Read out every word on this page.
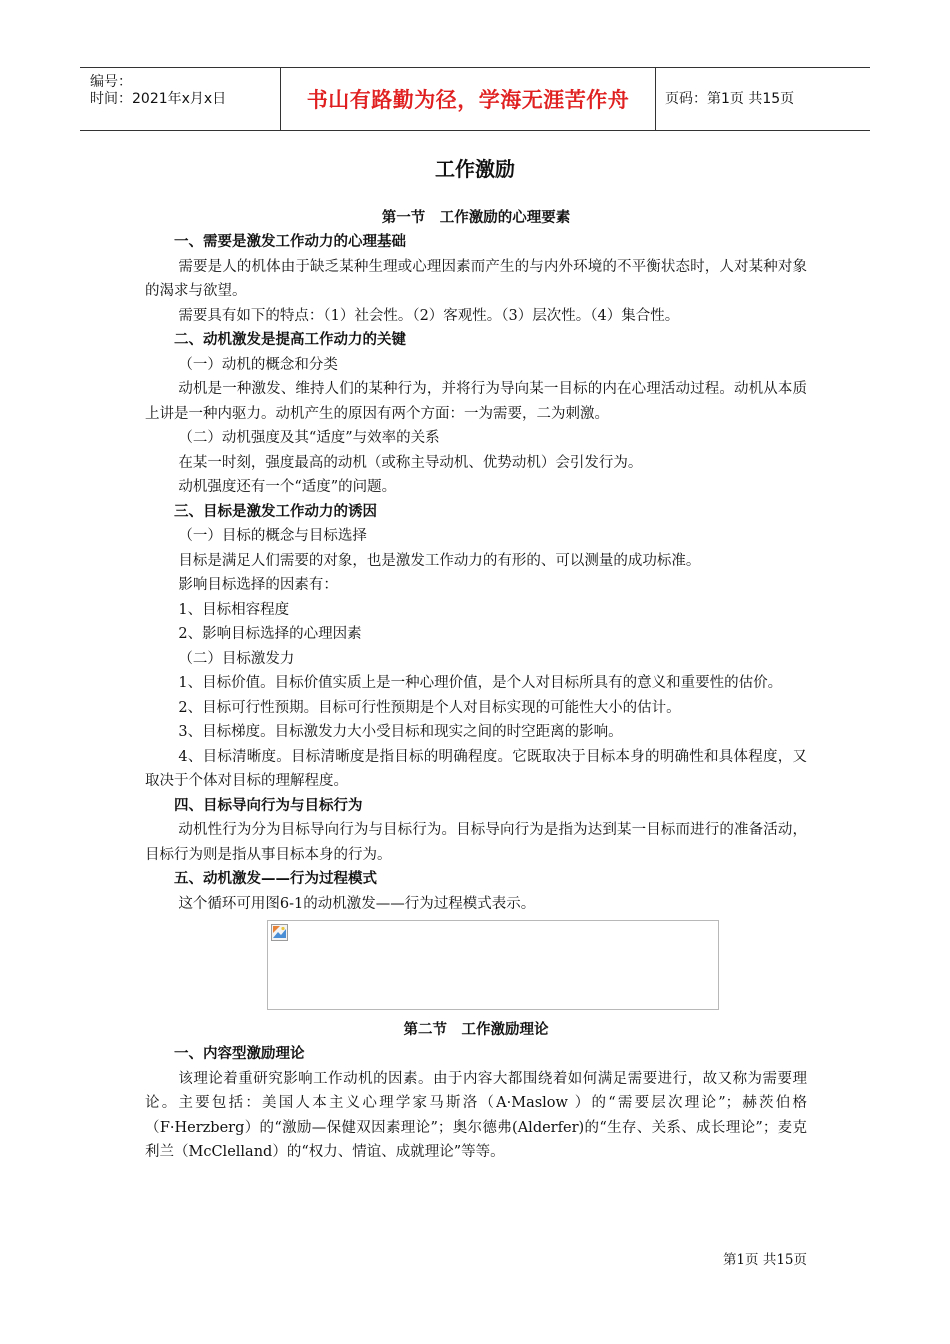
编号：
时间：2021年x月x日	书山有路勤为径，学海无涯苦作舟	页码：第1页 共15页
工作激励
第一节　工作激励的心理要素
一、需要是激发工作动力的心理基础
需要是人的机体由于缺乏某种生理或心理因素而产生的与内外环境的不平衡状态时，人对某种对象的渴求与欲望。
需要具有如下的特点：（1）社会性。（2）客观性。（3）层次性。（4）集合性。
二、动机激发是提高工作动力的关键
（一）动机的概念和分类
动机是一种激发、维持人们的某种行为，并将行为导向某一目标的内在心理活动过程。动机从本质上讲是一种内驱力。动机产生的原因有两个方面：一为需要，二为刺激。
（二）动机强度及其“适度”与效率的关系
在某一时刻，强度最高的动机（或称主导动机、优势动机）会引发行为。
动机强度还有一个“适度”的问题。
三、目标是激发工作动力的诱因
（一）目标的概念与目标选择
目标是满足人们需要的对象，也是激发工作动力的有形的、可以测量的成功标准。
影响目标选择的因素有：
1、目标相容程度
2、影响目标选择的心理因素
（二）目标激发力
1、目标价值。目标价值实质上是一种心理价值，是个人对目标所具有的意义和重要性的估价。
2、目标可行性预期。目标可行性预期是个人对目标实现的可能性大小的估计。
3、目标梯度。目标激发力大小受目标和现实之间的时空距离的影响。
4、目标清晰度。目标清晰度是指目标的明确程度。它既取决于目标本身的明确性和具体程度，又取决于个体对目标的理解程度。
四、目标导向行为与目标行为
动机性行为分为目标导向行为与目标行为。目标导向行为是指为达到某一目标而进行的准备活动，目标行为则是指从事目标本身的行为。
五、动机激发——行为过程模式
这个循环可用图6-1的动机激发——行为过程模式表示。
第二节　工作激励理论
一、内容型激励理论
该理论着重研究影响工作动机的因素。由于内容大都围绕着如何满足需要进行，故又称为需要理论。主要包括：美国人本主义心理学家马斯洛（A·Maslow ）的“需要层次理论”；赫茨伯格（F·Herzberg）的“激励—保健双因素理论”；奥尔德弗(Alderfer)的“生存、关系、成长理论”；麦克利兰（McClelland）的“权力、情谊、成就理论”等等。
第1页 共15页
